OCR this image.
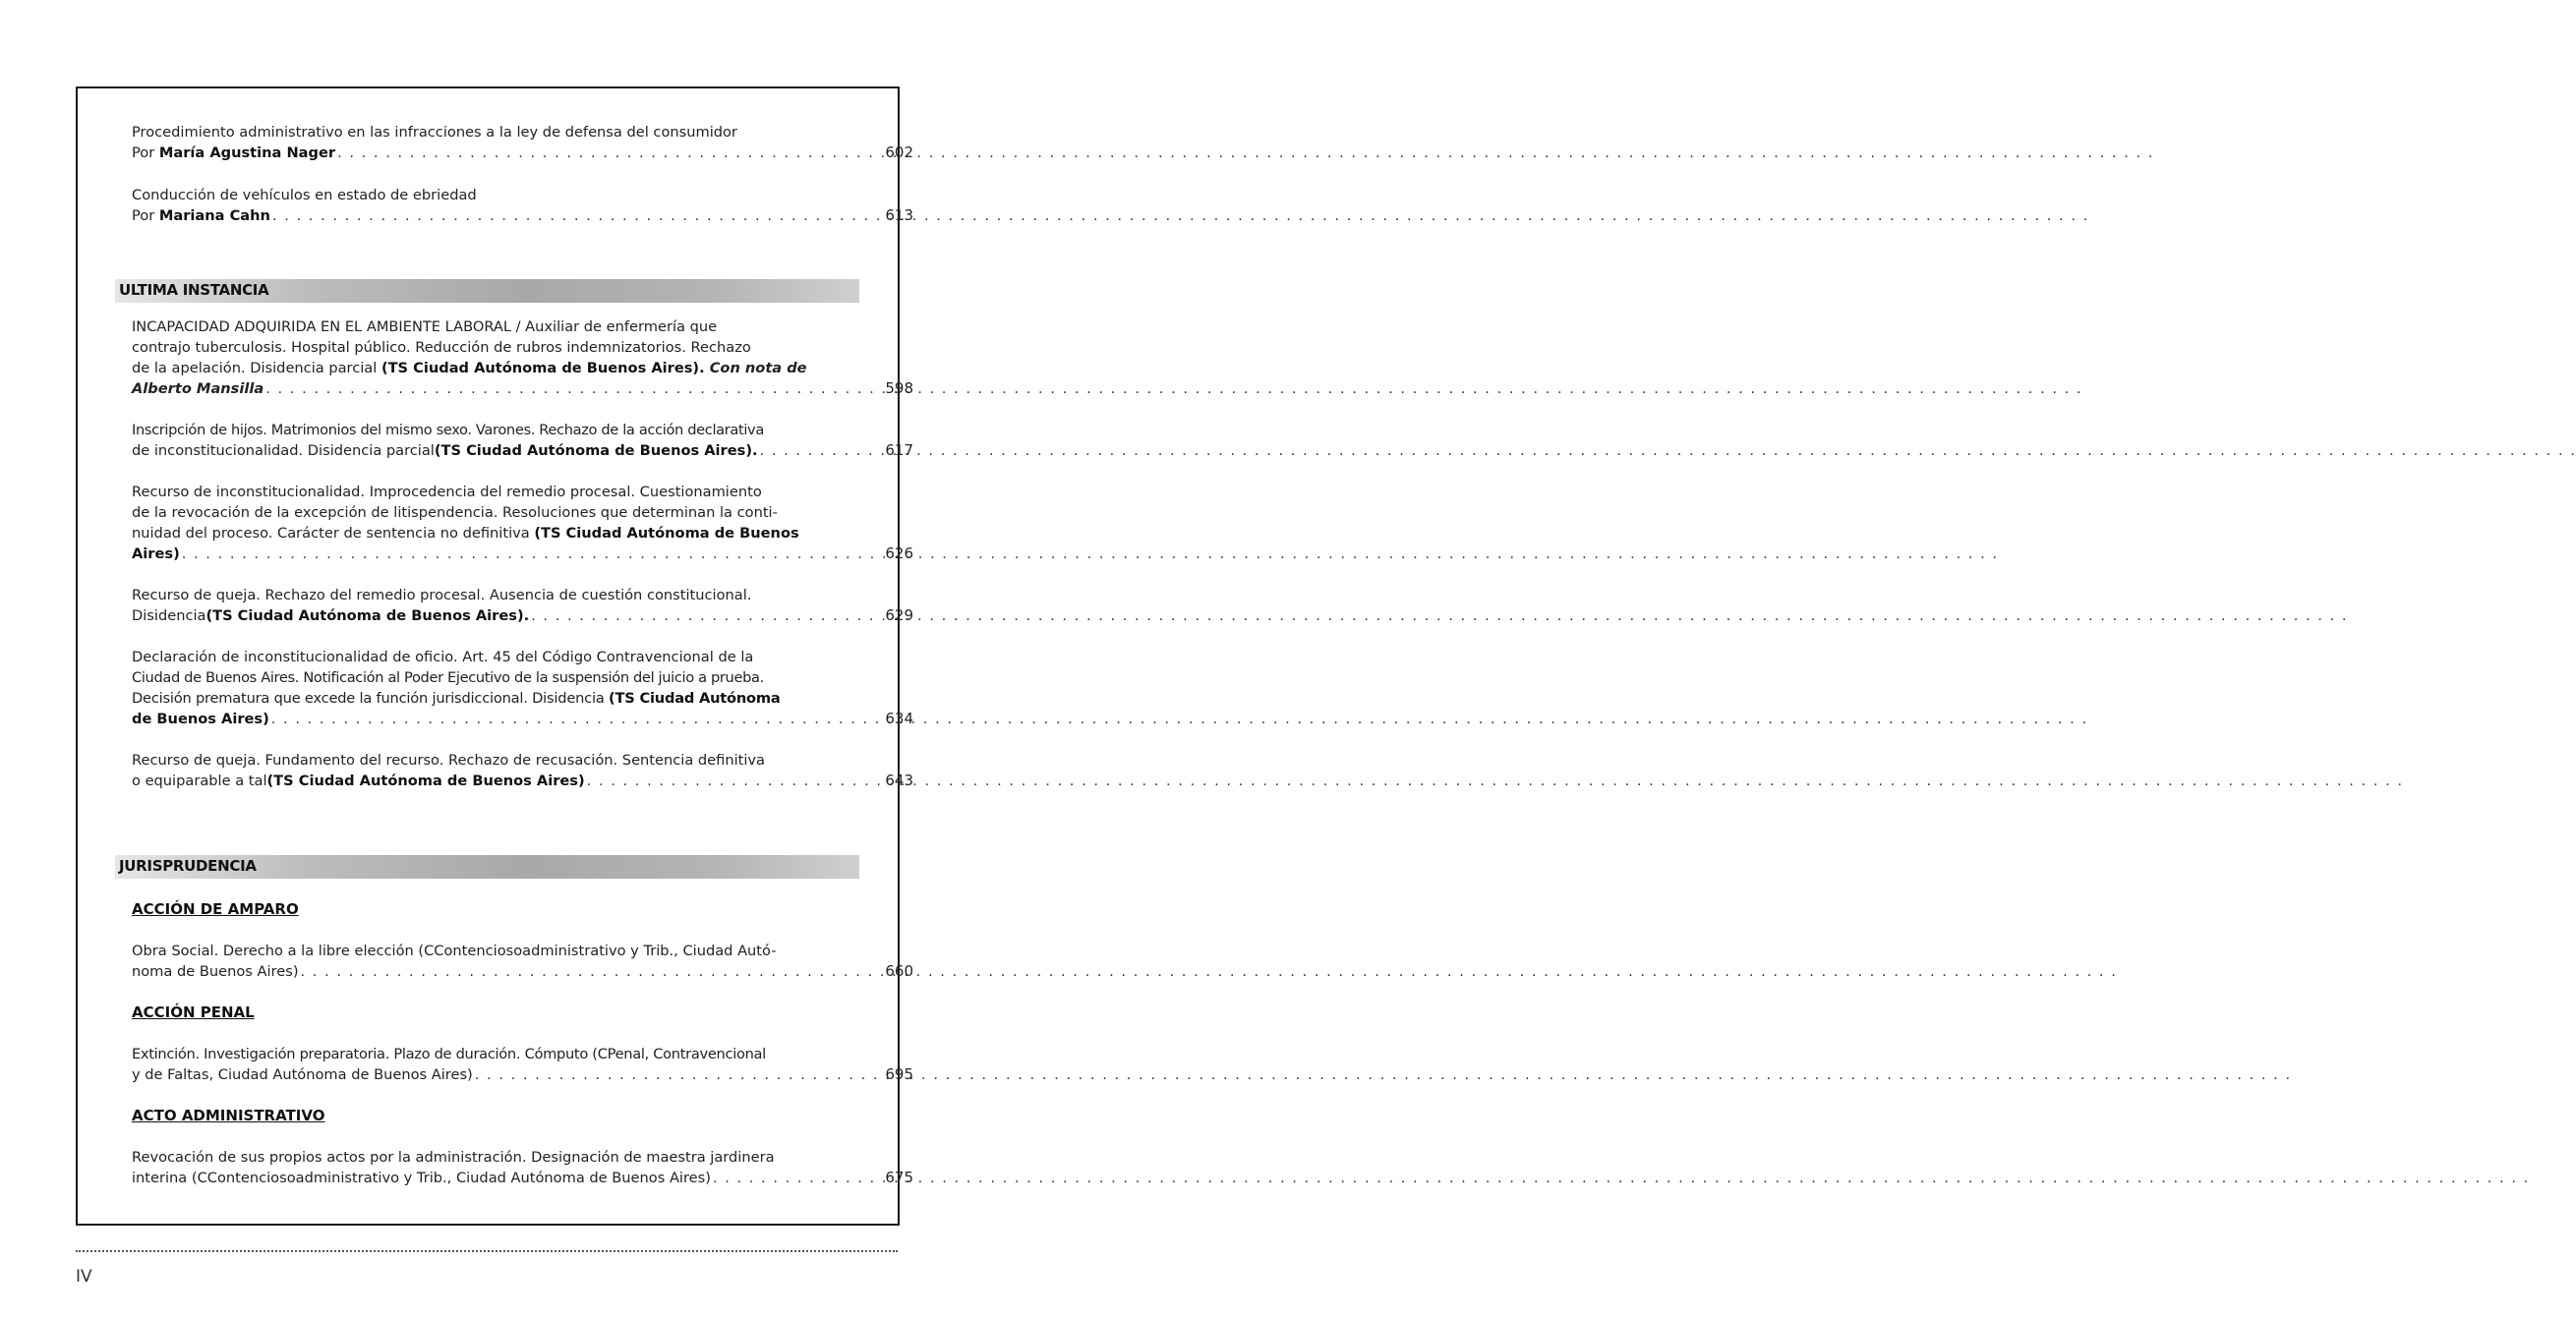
Procedimiento administrativo en las infracciones a la ley de defensa del consumidor
Por
María Agustina Nager . . .	602
Conducción de vehículos en estado de ebriedad
Por
Mariana Cahn . . .	613
ULTIMA INSTANCIA
INCAPACIDAD ADQUIRIDA EN EL AMBIENTE LABORAL / Auxiliar de enfermería que
contrajo tuberculosis. Hospital público. Reducción de rubros indemnizatorios. Rechazo
de la apelación. Disidencia parcial (TS Ciudad Autónoma de Buenos Aires). Con nota de
Alberto Mansilla . . .	598
Inscripción de hijos. Matrimonios del mismo sexo. Varones. Rechazo de la acción declarativa
de inconstitucionalidad. Disidencia parcial (TS Ciudad Autónoma de Buenos Aires). . . .	617
Recurso de inconstitucionalidad. Improcedencia del remedio procesal. Cuestionamiento
de la revocación de la excepción de litispendencia. Resoluciones que determinan la conti-
nuidad del proceso. Carácter de sentencia no definitiva (TS Ciudad Autónoma de Buenos
Aires) . . .	626
Recurso de queja. Rechazo del remedio procesal. Ausencia de cuestión constitucional.
Disidencia (TS Ciudad Autónoma de Buenos Aires). . . .	629
Declaración de inconstitucionalidad de oficio. Art. 45 del Código Contravencional de la
Ciudad de Buenos Aires. Notificación al Poder Ejecutivo de la suspensión del juicio a prueba.
Decisión prematura que excede la función jurisdiccional. Disidencia (TS Ciudad Autónoma
de Buenos Aires) . . .	634
Recurso de queja. Fundamento del recurso. Rechazo de recusación. Sentencia definitiva
o equiparable a tal (TS Ciudad Autónoma de Buenos Aires) . . .	643
JURISPRUDENCIA
ACCIÓN DE AMPARO
Obra Social. Derecho a la libre elección (CContenciosoadministrativo y Trib., Ciudad Autó-
noma de Buenos Aires) . . .	660
ACCIÓN PENAL
Extinción. Investigación preparatoria. Plazo de duración. Cómputo (CPenal, Contravencional
y de Faltas, Ciudad Autónoma de Buenos Aires) . . .	695
ACTO ADMINISTRATIVO
Revocación de sus propios actos por la administración. Designación de maestra jardinera
interina (CContenciosoadministrativo y Trib., Ciudad Autónoma de Buenos Aires) . . .	675
IV
